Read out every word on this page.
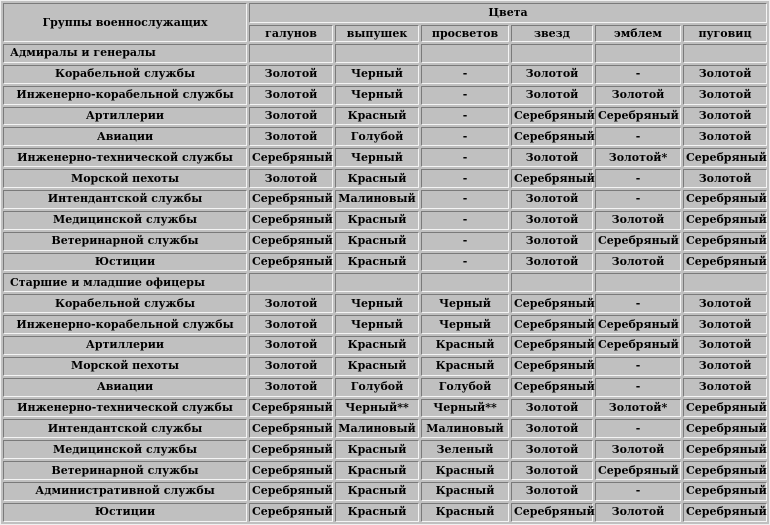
Группы военнослужащих	Цвета					
	галунов	выпушек	просветов	звезд	эмблем	пуговиц
Адмиралы и генералы						
Корабельной службы	Золотой	Черный	-	Золотой	-	Золотой
Инженерно-корабельной службы	Золотой	Черный	-	Золотой	Золотой	Золотой
Артиллерии	Золотой	Красный	-	Серебряный	Серебряный	Золотой
Авиации	Золотой	Голубой	-	Серебряный	-	Золотой
Инженерно-технической службы	Серебряный	Черный	-	Золотой	Золотой*	Серебряный
Морской пехоты	Золотой	Красный	-	Серебряный	-	Золотой
Интендантской службы	Серебряный	Малиновый	-	Золотой	-	Серебряный
Медицинской службы	Серебряный	Красный	-	Золотой	Золотой	Серебряный
Ветеринарной службы	Серебряный	Красный	-	Золотой	Серебряный	Серебряный
Юстиции	Серебряный	Красный	-	Золотой	Золотой	Серебряный
Старшие и младшие офицеры						
Корабельной службы	Золотой	Черный	Черный	Серебряный	-	Золотой
Инженерно-корабельной службы	Золотой	Черный	Черный	Серебряный	Серебряный	Золотой
Артиллерии	Золотой	Красный	Красный	Серебряный	Серебряный	Золотой
Морской пехоты	Золотой	Красный	Красный	Серебряный	-	Золотой
Авиации	Золотой	Голубой	Голубой	Серебряный	-	Золотой
Инженерно-технической службы	Серебряный	Черный**	Черный**	Золотой	Золотой*	Серебряный
Интендантской службы	Серебряный	Малиновый	Малиновый	Золотой	-	Серебряный
Медицинской службы	Серебряный	Красный	Зеленый	Золотой	Золотой	Серебряный
Ветеринарной службы	Серебряный	Красный	Красный	Золотой	Серебряный	Серебряный
Административной службы	Серебряный	Красный	Красный	Золотой	-	Серебряный
Юстиции	Серебряный	Красный	Красный	Серебряный	Золотой	Серебряный
